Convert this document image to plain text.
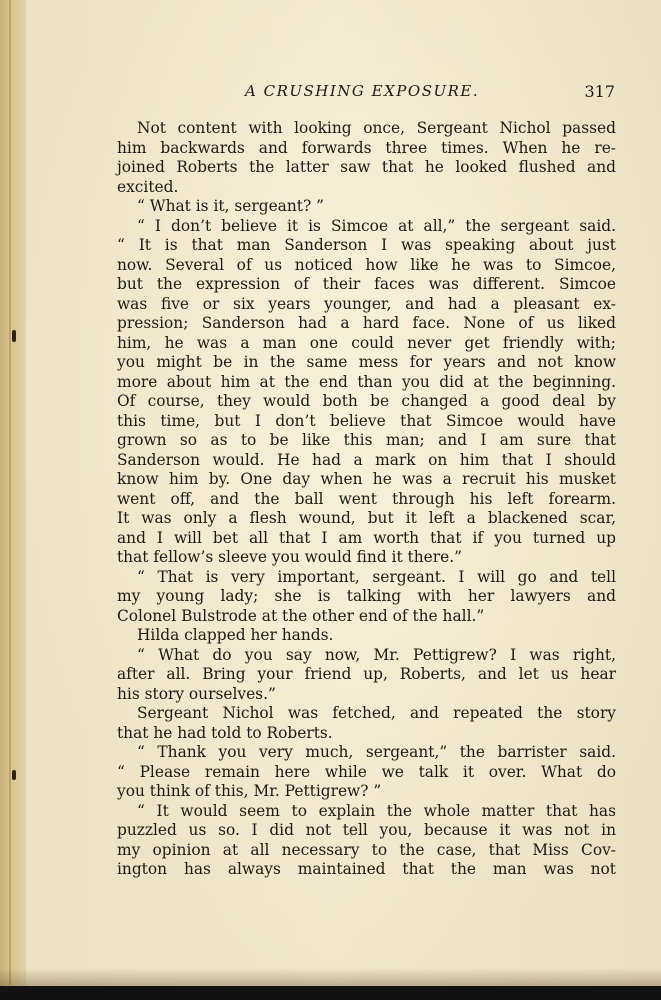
A CRUSHING EXPOSURE.	317
Not content with looking once, Sergeant Nichol passed
him backwards and forwards three times. When he re-
joined Roberts the latter saw that he looked flushed and
excited.
“ What is it, sergeant? ”
“ I don’t believe it is Simcoe at all,” the sergeant said.
“ It is that man Sanderson I was speaking about just
now. Several of us noticed how like he was to Simcoe,
but the expression of their faces was different. Simcoe
was five or six years younger, and had a pleasant ex-
pression; Sanderson had a hard face. None of us liked
him, he was a man one could never get friendly with;
you might be in the same mess for years and not know
more about him at the end than you did at the beginning.
Of course, they would both be changed a good deal by
this time, but I don’t believe that Simcoe would have
grown so as to be like this man; and I am sure that
Sanderson would. He had a mark on him that I should
know him by. One day when he was a recruit his musket
went off, and the ball went through his left forearm.
It was only a flesh wound, but it left a blackened scar,
and I will bet all that I am worth that if you turned up
that fellow’s sleeve you would find it there.”
“ That is very important, sergeant. I will go and tell
my young lady; she is talking with her lawyers and
Colonel Bulstrode at the other end of the hall.”
Hilda clapped her hands.
“ What do you say now, Mr. Pettigrew? I was right,
after all. Bring your friend up, Roberts, and let us hear
his story ourselves.”
Sergeant Nichol was fetched, and repeated the story
that he had told to Roberts.
“ Thank you very much, sergeant,” the barrister said.
“ Please remain here while we talk it over. What do
you think of this, Mr. Pettigrew? ”
“ It would seem to explain the whole matter that has
puzzled us so. I did not tell you, because it was not in
my opinion at all necessary to the case, that Miss Cov-
ington has always maintained that the man was not
